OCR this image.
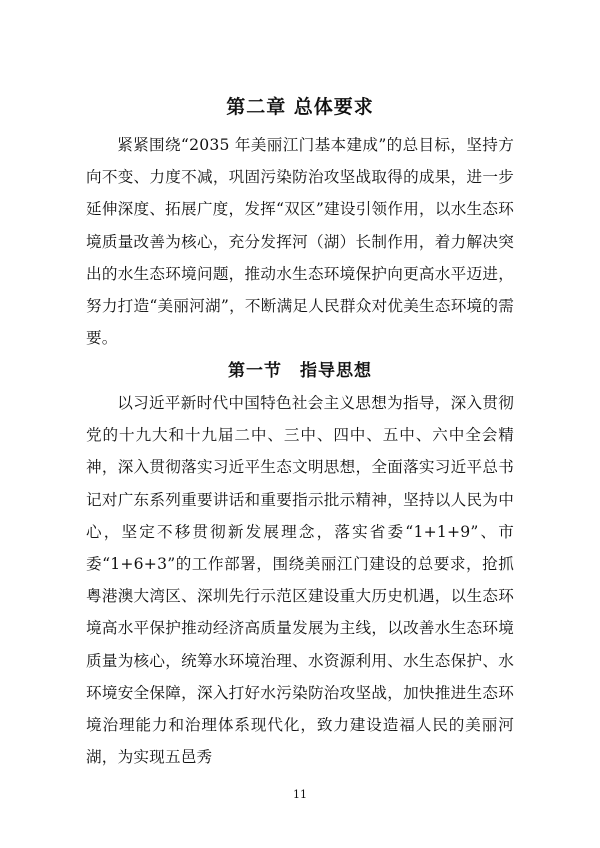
第二章 总体要求

紧紧围绕“2035 年美丽江门基本建成”的总目标，坚持方向不变、力度不减，巩固污染防治攻坚战取得的成果，进一步延伸深度、拓展广度，发挥“双区”建设引领作用，以水生态环境质量改善为核心，充分发挥河（湖）长制作用，着力解决突出的水生态环境问题，推动水生态环境保护向更高水平迈进，努力打造“美丽河湖”，不断满足人民群众对优美生态环境的需要。

第一节　指导思想

以习近平新时代中国特色社会主义思想为指导，深入贯彻党的十九大和十九届二中、三中、四中、五中、六中全会精神，深入贯彻落实习近平生态文明思想，全面落实习近平总书记对广东系列重要讲话和重要指示批示精神，坚持以人民为中心，坚定不移贯彻新发展理念，落实省委“1+1+9”、市委“1+6+3”的工作部署，围绕美丽江门建设的总要求，抢抓粤港澳大湾区、深圳先行示范区建设重大历史机遇，以生态环境高水平保护推动经济高质量发展为主线，以改善水生态环境质量为核心，统筹水环境治理、水资源利用、水生态保护、水环境安全保障，深入打好水污染防治攻坚战，加快推进生态环境治理能力和治理体系现代化，致力建设造福人民的美丽河湖，为实现五邑秀

11
